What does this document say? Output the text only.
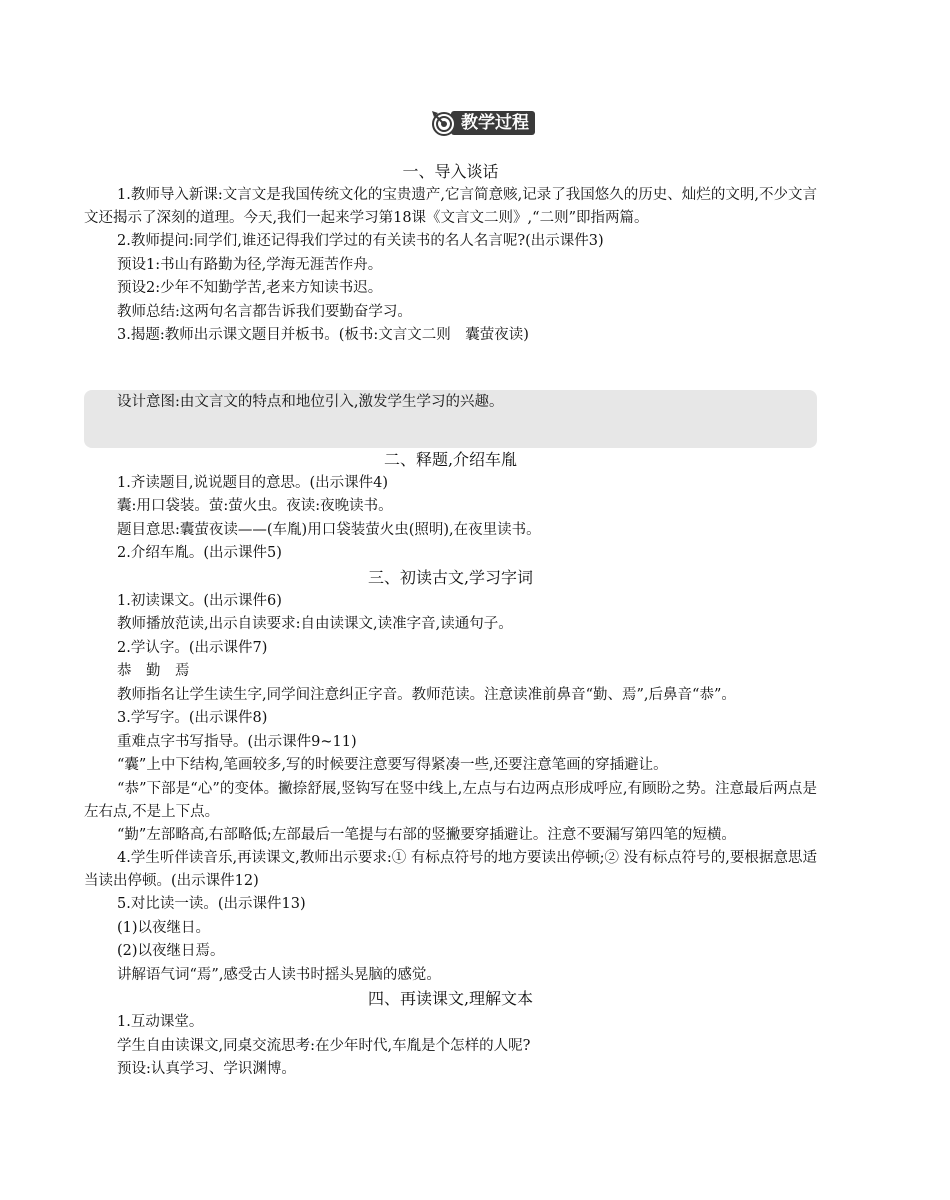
教学过程
一、导入谈话

1.教师导入新课:文言文是我国传统文化的宝贵遗产,它言简意赅,记录了我国悠久的历史、灿烂的文明,不少文言文还揭示了深刻的道理。今天,我们一起来学习第18课《文言文二则》,“二则”即指两篇。

2.教师提问:同学们,谁还记得我们学过的有关读书的名人名言呢?(出示课件3)

预设1:书山有路勤为径,学海无涯苦作舟。

预设2:少年不知勤学苦,老来方知读书迟。

教师总结:这两句名言都告诉我们要勤奋学习。

3.揭题:教师出示课文题目并板书。(板书:文言文二则　囊萤夜读)

设计意图:由文言文的特点和地位引入,激发学生学习的兴趣。

二、释题,介绍车胤

1.齐读题目,说说题目的意思。(出示课件4)

囊:用口袋装。萤:萤火虫。夜读:夜晚读书。

题目意思:囊萤夜读——(车胤)用口袋装萤火虫(照明),在夜里读书。

2.介绍车胤。(出示课件5)

三、初读古文,学习字词

1.初读课文。(出示课件6)

教师播放范读,出示自读要求:自由读课文,读准字音,读通句子。

2.学认字。(出示课件7)

恭　勤　焉

教师指名让学生读生字,同学间注意纠正字音。教师范读。注意读准前鼻音“勤、焉”,后鼻音“恭”。

3.学写字。(出示课件8)

重难点字书写指导。(出示课件9~11)

“囊”上中下结构,笔画较多,写的时候要注意要写得紧凑一些,还要注意笔画的穿插避让。

“恭”下部是“心”的变体。撇捺舒展,竖钩写在竖中线上,左点与右边两点形成呼应,有顾盼之势。注意最后两点是左右点,不是上下点。

“勤”左部略高,右部略低;左部最后一笔提与右部的竖撇要穿插避让。注意不要漏写第四笔的短横。

4.学生听伴读音乐,再读课文,教师出示要求:① 有标点符号的地方要读出停顿;② 没有标点符号的,要根据意思适当读出停顿。(出示课件12)

5.对比读一读。(出示课件13)

(1)以夜继日。

(2)以夜继日焉。

讲解语气词“焉”,感受古人读书时摇头晃脑的感觉。

四、再读课文,理解文本

1.互动课堂。

学生自由读课文,同桌交流思考:在少年时代,车胤是个怎样的人呢?

预设:认真学习、学识渊博。
